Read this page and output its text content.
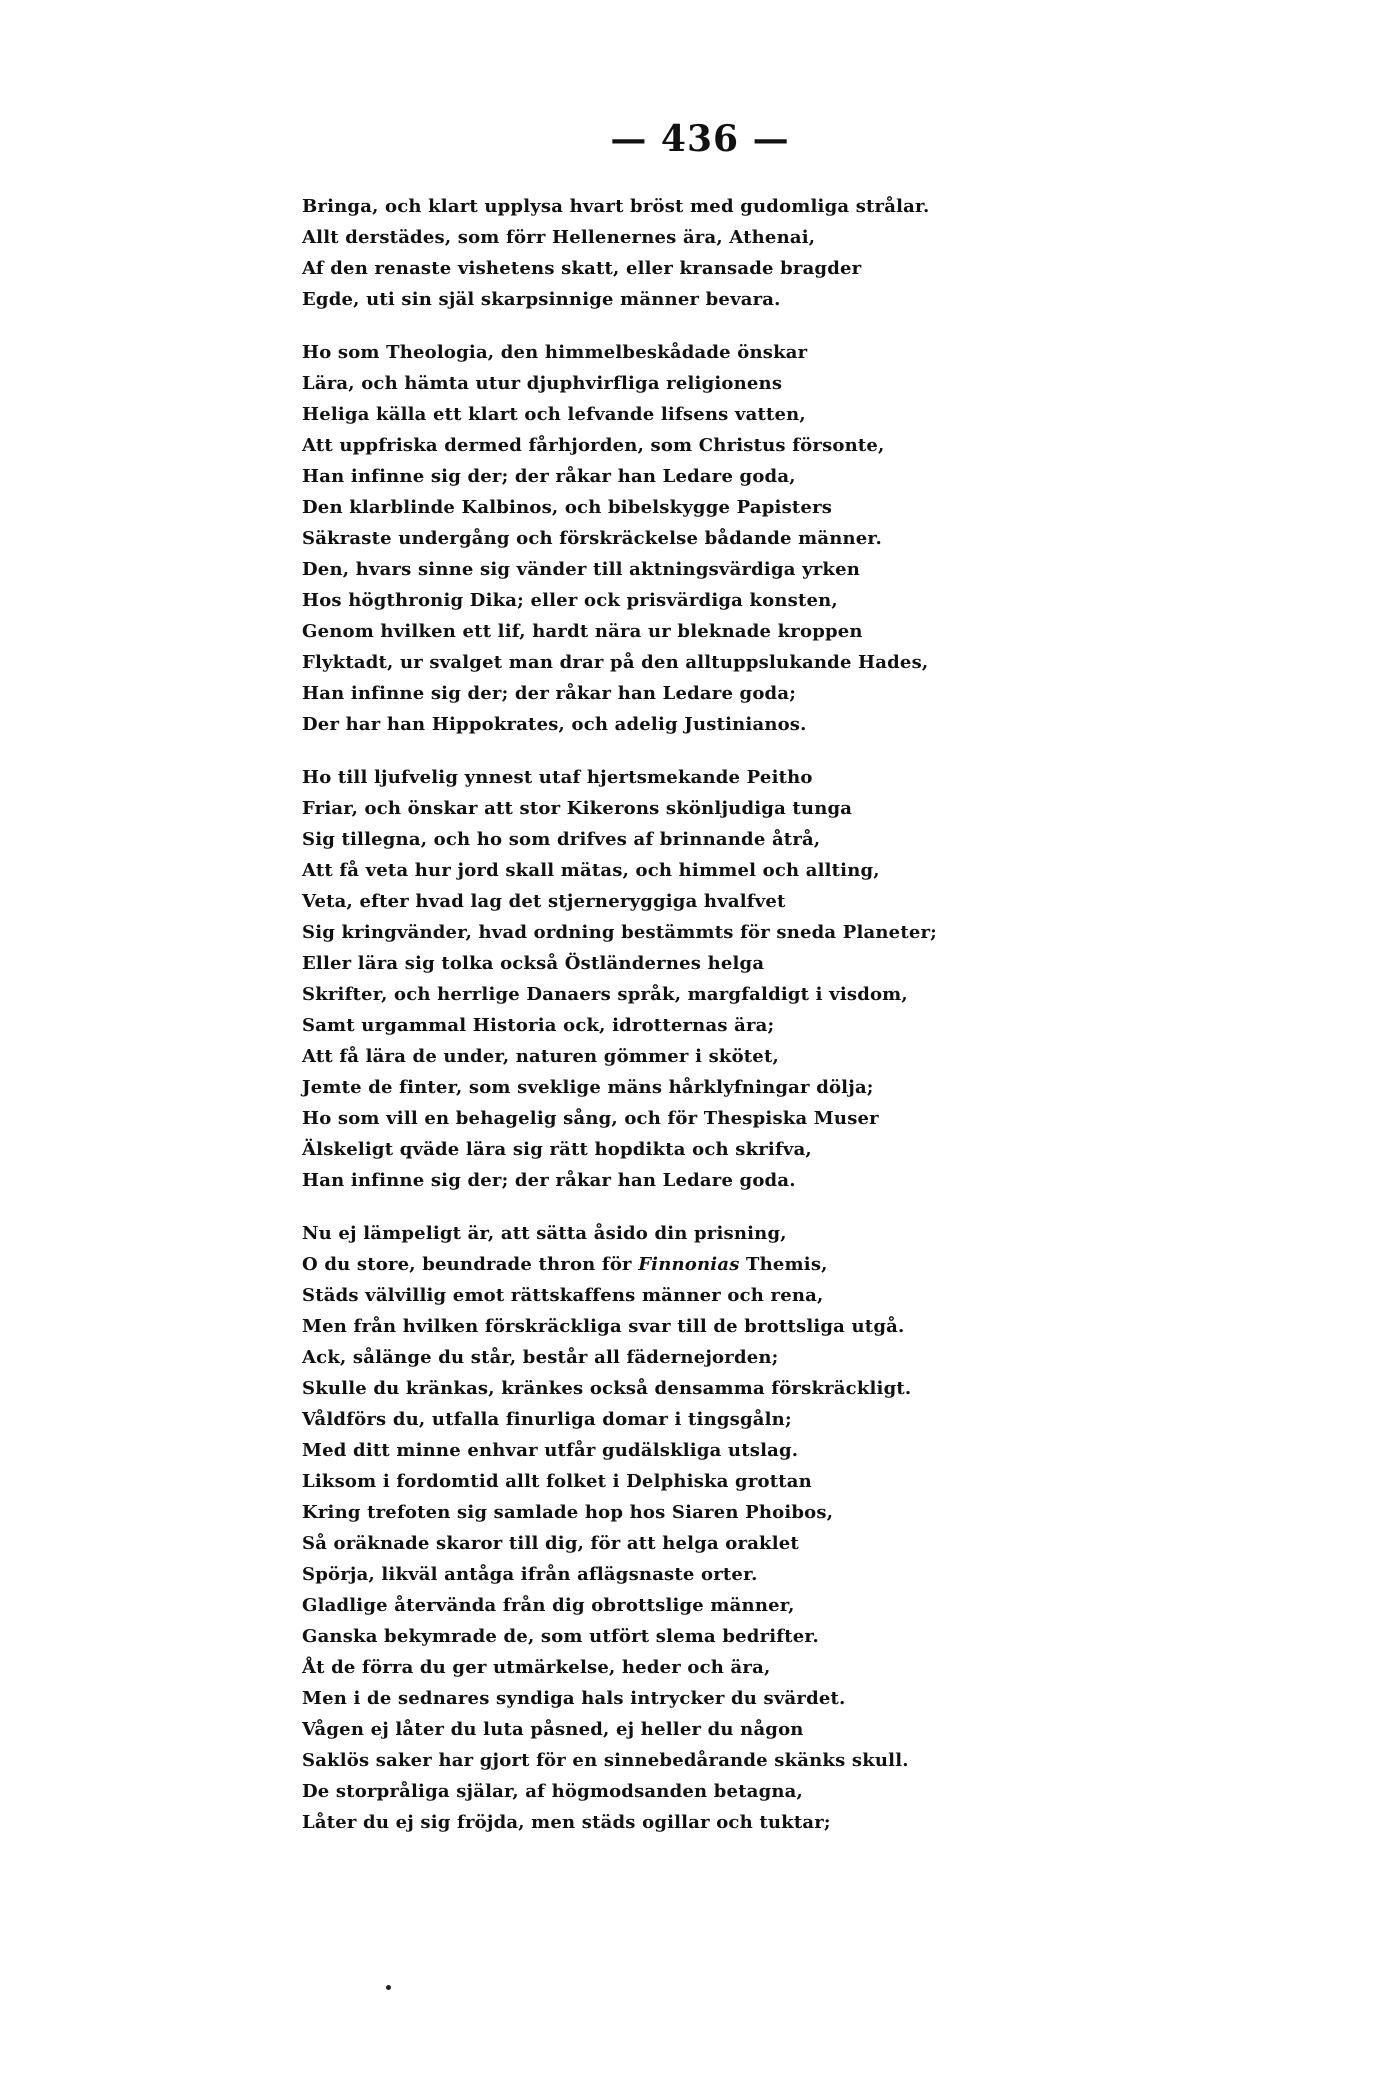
— 436 —
Bringa, och klart upplysa hvart bröst med gudomliga strålar.
Allt derstädes, som förr Hellenernes ära, Athenai,
Af den renaste vishetens skatt, eller kransade bragder
Egde, uti sin själ skarpsinnige männer bevara.
Ho som Theologia, den himmelbeskådade önskar
Lära, och hämta utur djuphvirfliga religionens
Heliga källa ett klart och lefvande lifsens vatten,
Att uppfriska dermed fårhjorden, som Christus försonte,
Han infinne sig der; der råkar han Ledare goda,
Den klarblinde Kalbinos, och bibelskygge Papisters
Säkraste undergång och förskräckelse bådande männer.
Den, hvars sinne sig vänder till aktningsvärdiga yrken
Hos högthronig Dika; eller ock prisvärdiga konsten,
Genom hvilken ett lif, hardt nära ur bleknade kroppen
Flyktadt, ur svalget man drar på den alltuppslukande Hades,
Han infinne sig der; der råkar han Ledare goda;
Der har han Hippokrates, och adelig Justinianos.
Ho till ljufvelig ynnest utaf hjertsmekande Peitho
Friar, och önskar att stor Kikerons skönljudiga tunga
Sig tillegna, och ho som drifves af brinnande åtrå,
Att få veta hur jord skall mätas, och himmel och allting,
Veta, efter hvad lag det stjerneryggiga hvalfvet
Sig kringvänder, hvad ordning bestämmts för sneda Planeter;
Eller lära sig tolka också Östländernes helga
Skrifter, och herrlige Danaers språk, margfaldigt i visdom,
Samt urgammal Historia ock, idrotternas ära;
Att få lära de under, naturen gömmer i skötet,
Jemte de finter, som sveklige mäns hårklyfningar dölja;
Ho som vill en behagelig sång, och för Thespiska Muser
Älskeligt qväde lära sig rätt hopdikta och skrifva,
Han infinne sig der; der råkar han Ledare goda.
Nu ej lämpeligt är, att sätta åsido din prisning,
O du store, beundrade thron för Finnonias Themis,
Städs välvillig emot rättskaffens männer och rena,
Men från hvilken förskräckliga svar till de brottsliga utgå.
Ack, sålänge du står, består all fädernejorden;
Skulle du kränkas, kränkes också densamma förskräckligt.
Våldförs du, utfalla finurliga domar i tingsgåln;
Med ditt minne enhvar utfår gudälskliga utslag.
Liksom i fordomtid allt folket i Delphiska grottan
Kring trefoten sig samlade hop hos Siaren Phoibos,
Så oräknade skaror till dig, för att helga oraklet
Spörja, likväl antåga ifrån aflägsnaste orter.
Gladlige återvända från dig obrottslige männer,
Ganska bekymrade de, som utfört slema bedrifter.
Åt de förra du ger utmärkelse, heder och ära,
Men i de sednares syndiga hals intrycker du svärdet.
Vågen ej låter du luta påsned, ej heller du någon
Saklös saker har gjort för en sinnebedårande skänks skull.
De storpråliga själar, af högmodsanden betagna,
Låter du ej sig fröjda, men städs ogillar och tuktar;
